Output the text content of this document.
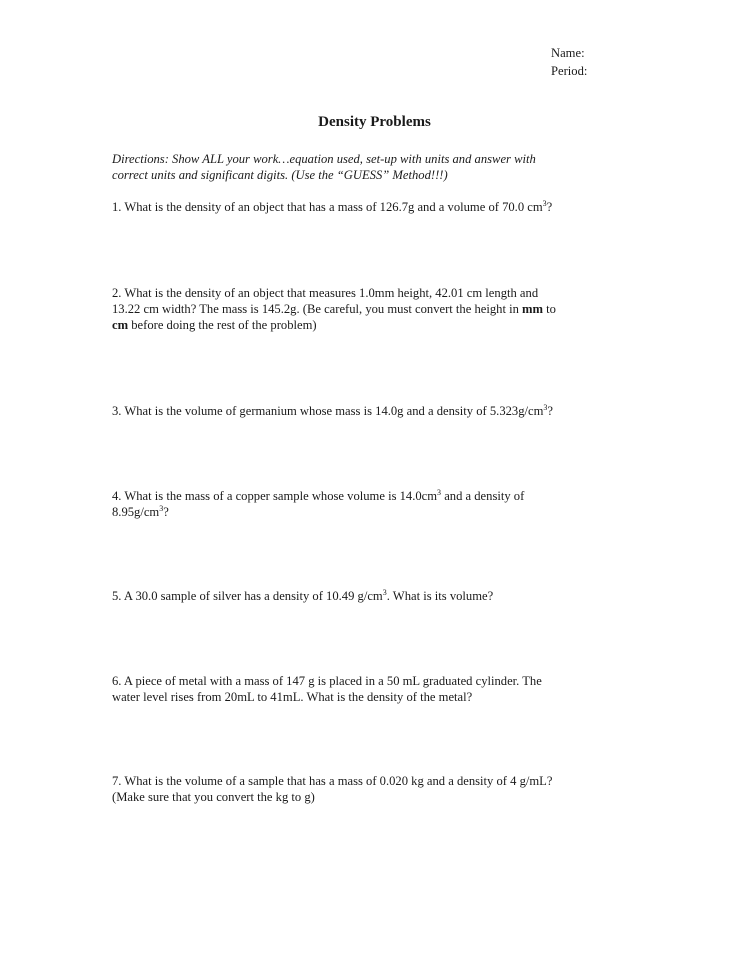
Name:
Period:
Density Problems
Directions: Show ALL your work…equation used, set-up with units and answer with
correct units and significant digits. (Use the “GUESS” Method!!!)
1. What is the density of an object that has a mass of 126.7g and a volume of 70.0 $cm^3$?
2. What is the density of an object that measures 1.0mm height, 42.01 cm length and
13.22 cm width? The mass is 145.2g. (Be careful, you must convert the height in mm to
cm before doing the rest of the problem)
3. What is the volume of germanium whose mass is 14.0g and a density of $5.323g/cm^3$?
4. What is the mass of a copper sample whose volume is $14.0cm^3$ and a density of
$8.95g/cm^3$?
5. A 30.0 sample of silver has a density of 10.49 $g/cm^3$. What is its volume?
6. A piece of metal with a mass of 147 g is placed in a 50 mL graduated cylinder. The
water level rises from 20mL to 41mL. What is the density of the metal?
7. What is the volume of a sample that has a mass of 0.020 kg and a density of 4 g/mL?
(Make sure that you convert the kg to g)
